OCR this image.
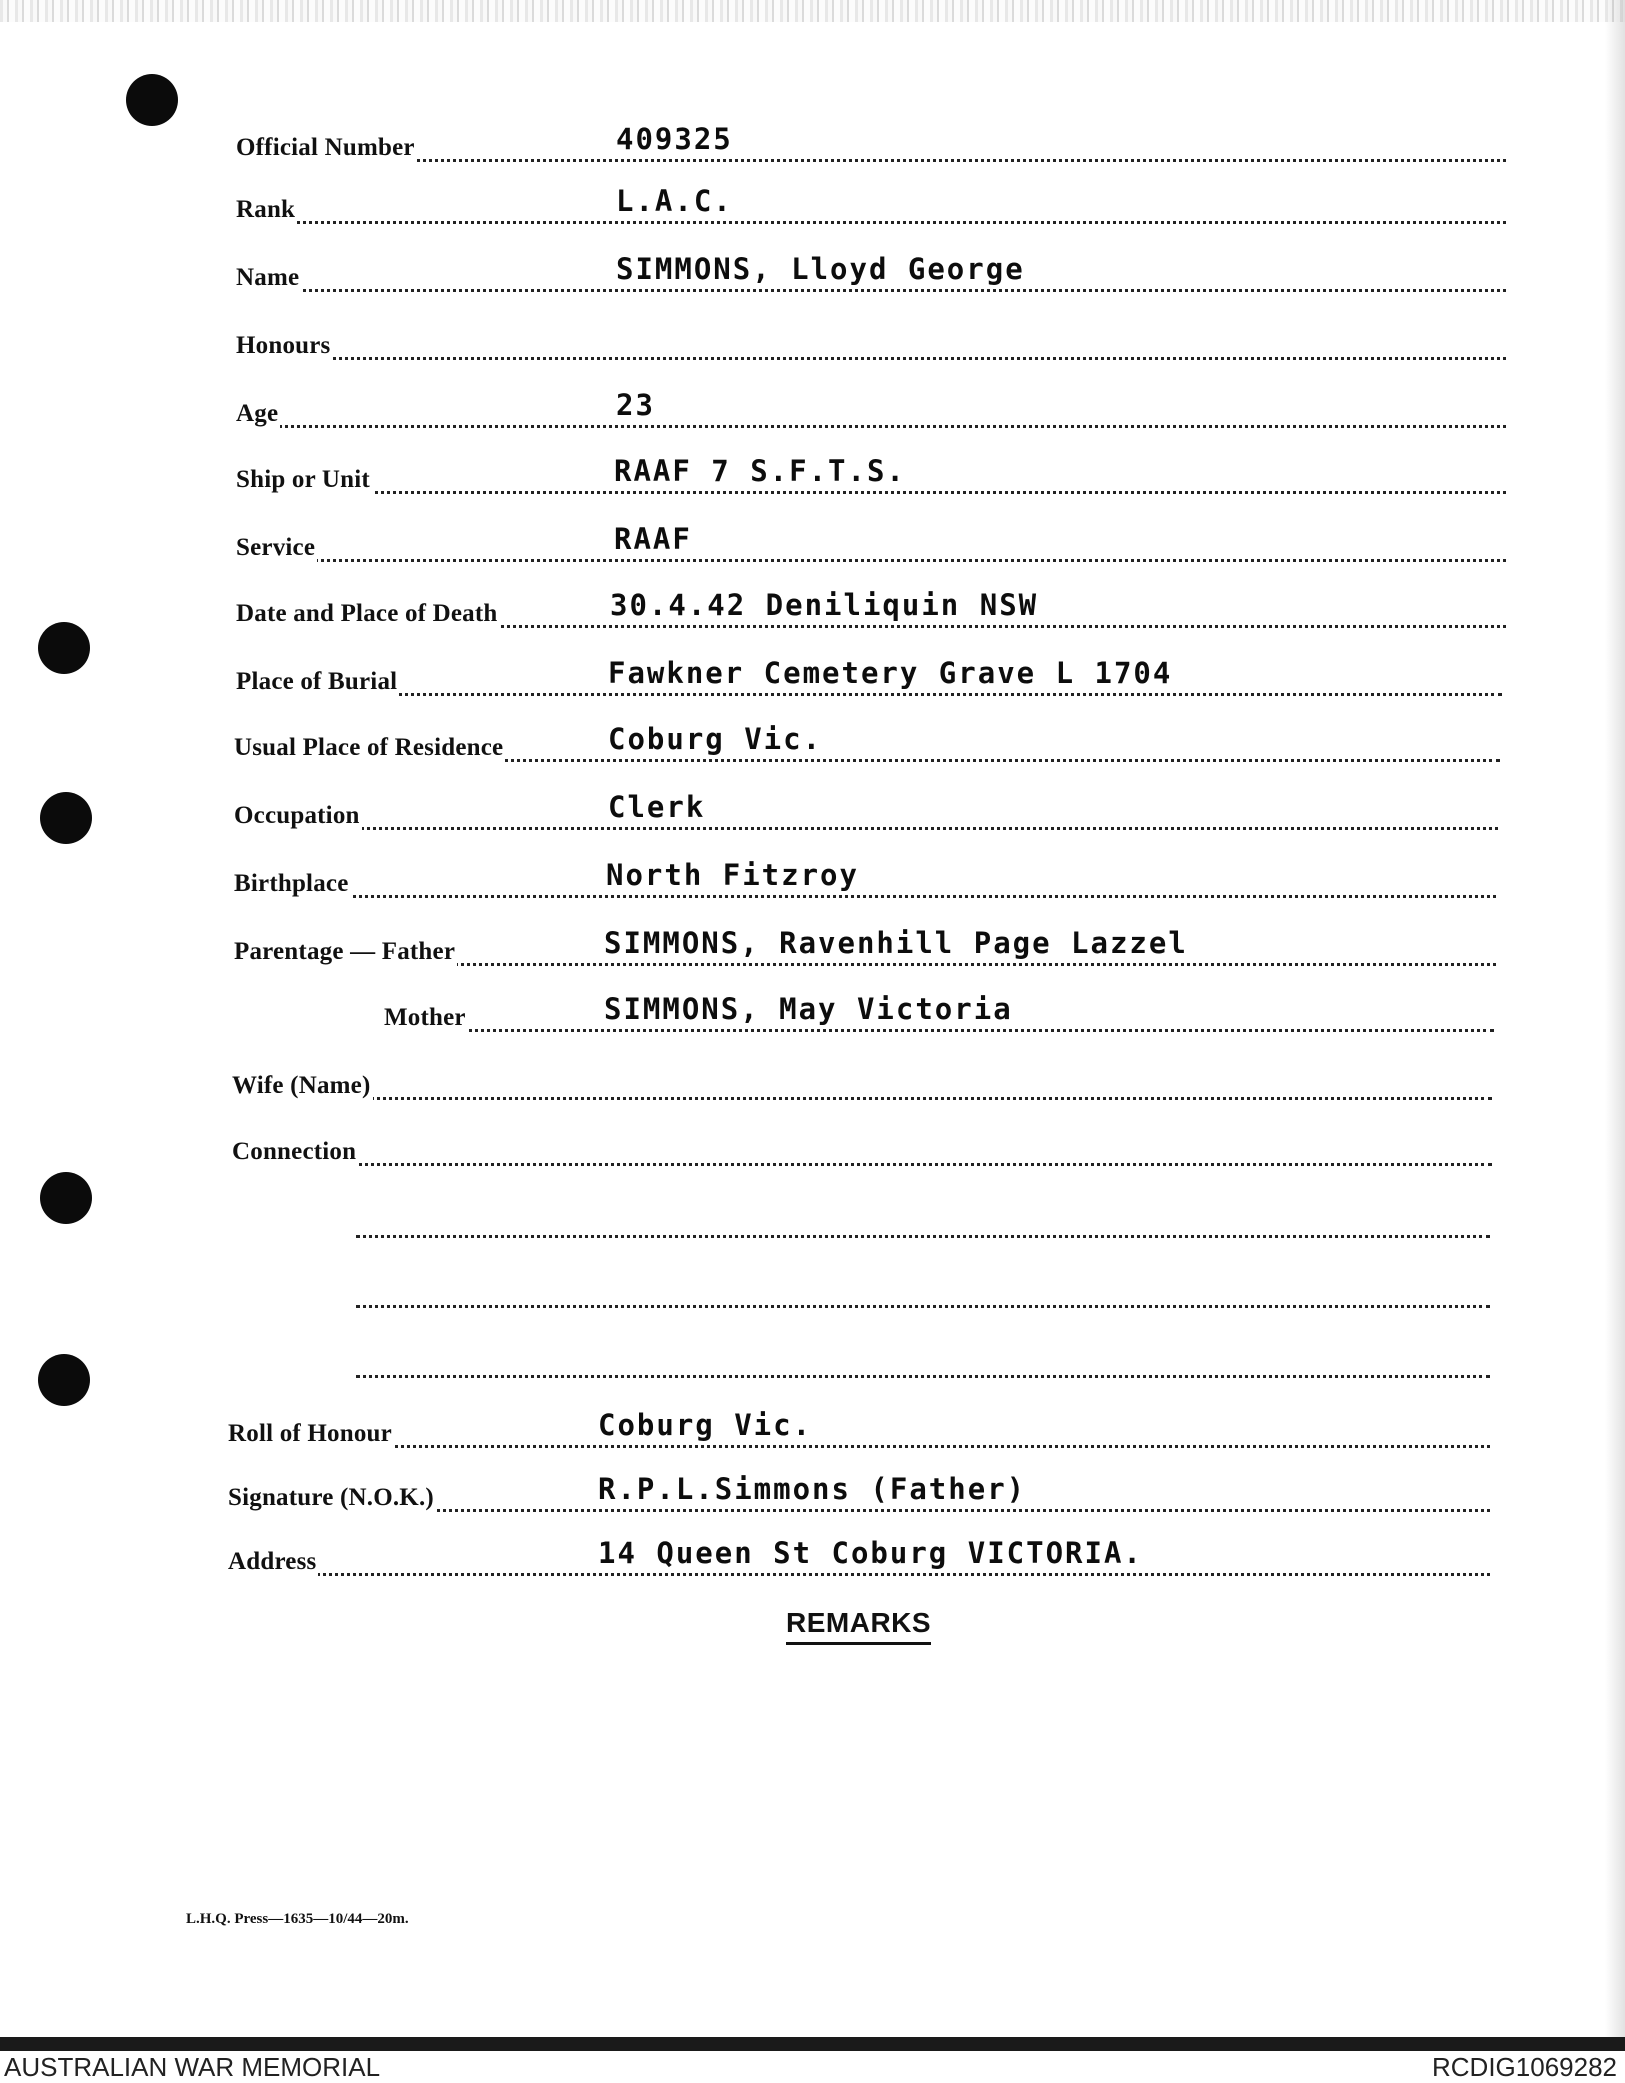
Official Number	409325
Rank	L.A.C.
Name	SIMMONS, Lloyd George
Honours
Age	23
Ship or Unit	RAAF 7 S.F.T.S.
Service	RAAF
Date and Place of Death	30.4.42 Deniliquin NSW
Place of Burial	Fawkner Cemetery Grave L 1704
Usual Place of Residence	Coburg Vic.
Occupation	Clerk
Birthplace	North Fitzroy
Parentage — Father	SIMMONS, Ravenhill Page Lazzel
Mother	SIMMONS, May Victoria
Wife (Name)
Connection
Roll of Honour	Coburg Vic.
Signature (N.O.K.)	R.P.L.Simmons (Father)
Address	14 Queen St Coburg VICTORIA.
REMARKS
L.H.Q. Press—1635—10/44—20m.
AUSTRALIAN WAR MEMORIAL	RCDIG1069282
